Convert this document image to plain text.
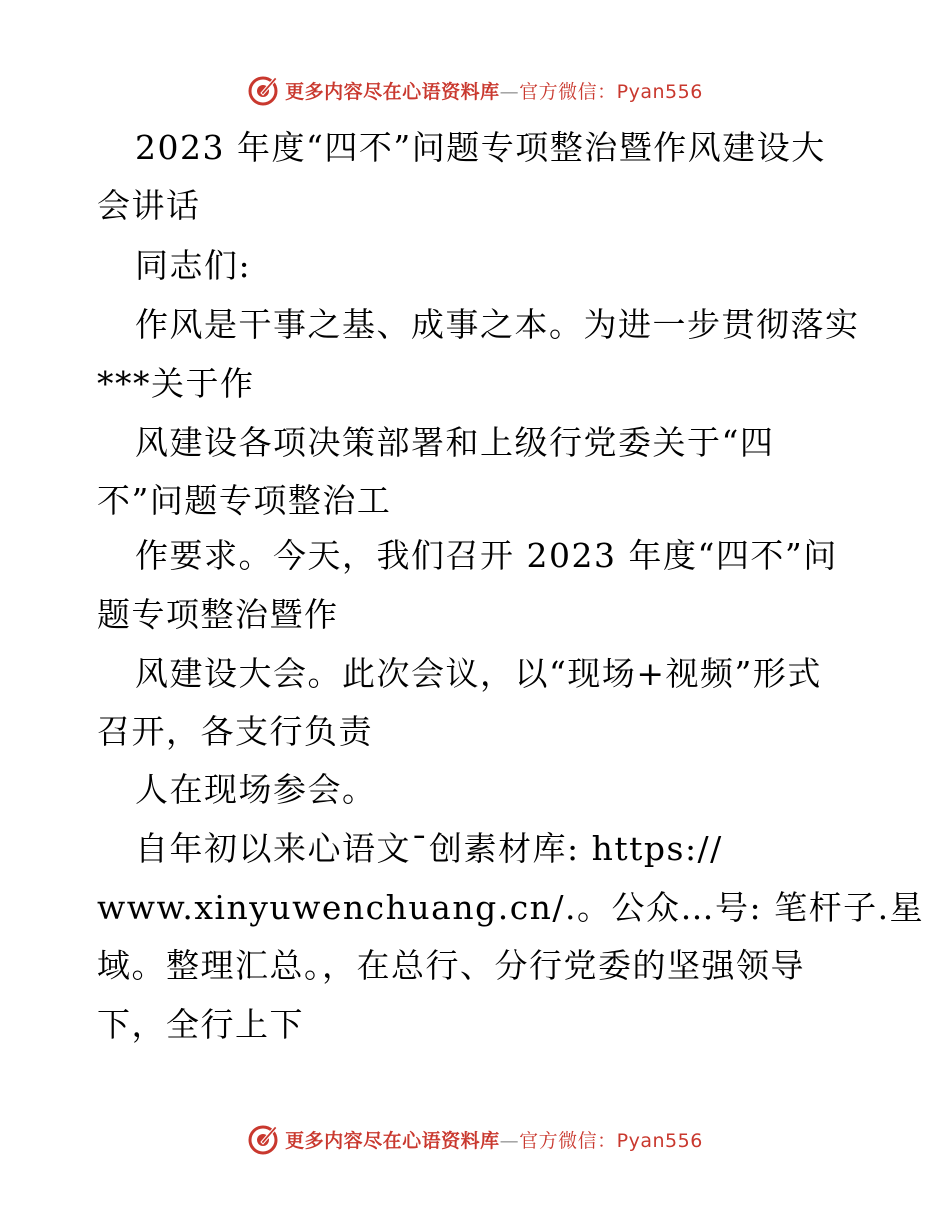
更多内容尽在心语资料库—官方微信：Pyan556
2023 年度“四不”问题专项整治暨作风建设大
会讲话
同志们:
作风是干事之基、成事之本。为进一步贯彻落实
***关于作
风建设各项决策部署和上级行党委关于“四
不”问题专项整治工
作要求。今天，我们召开 2023 年度“四不”问
题专项整治暨作
风建设大会。此次会议，以“现场+视频”形式
召开，各支行负责
人在现场参会。
自年初以来心语文¯创素材库: https://
www.xinyuwenchuang.cn/.。公众…号: 笔杆子.星
域。整理汇总。，在总行、分行党委的坚强领导
下，全行上下
更多内容尽在心语资料库—官方微信：Pyan556
